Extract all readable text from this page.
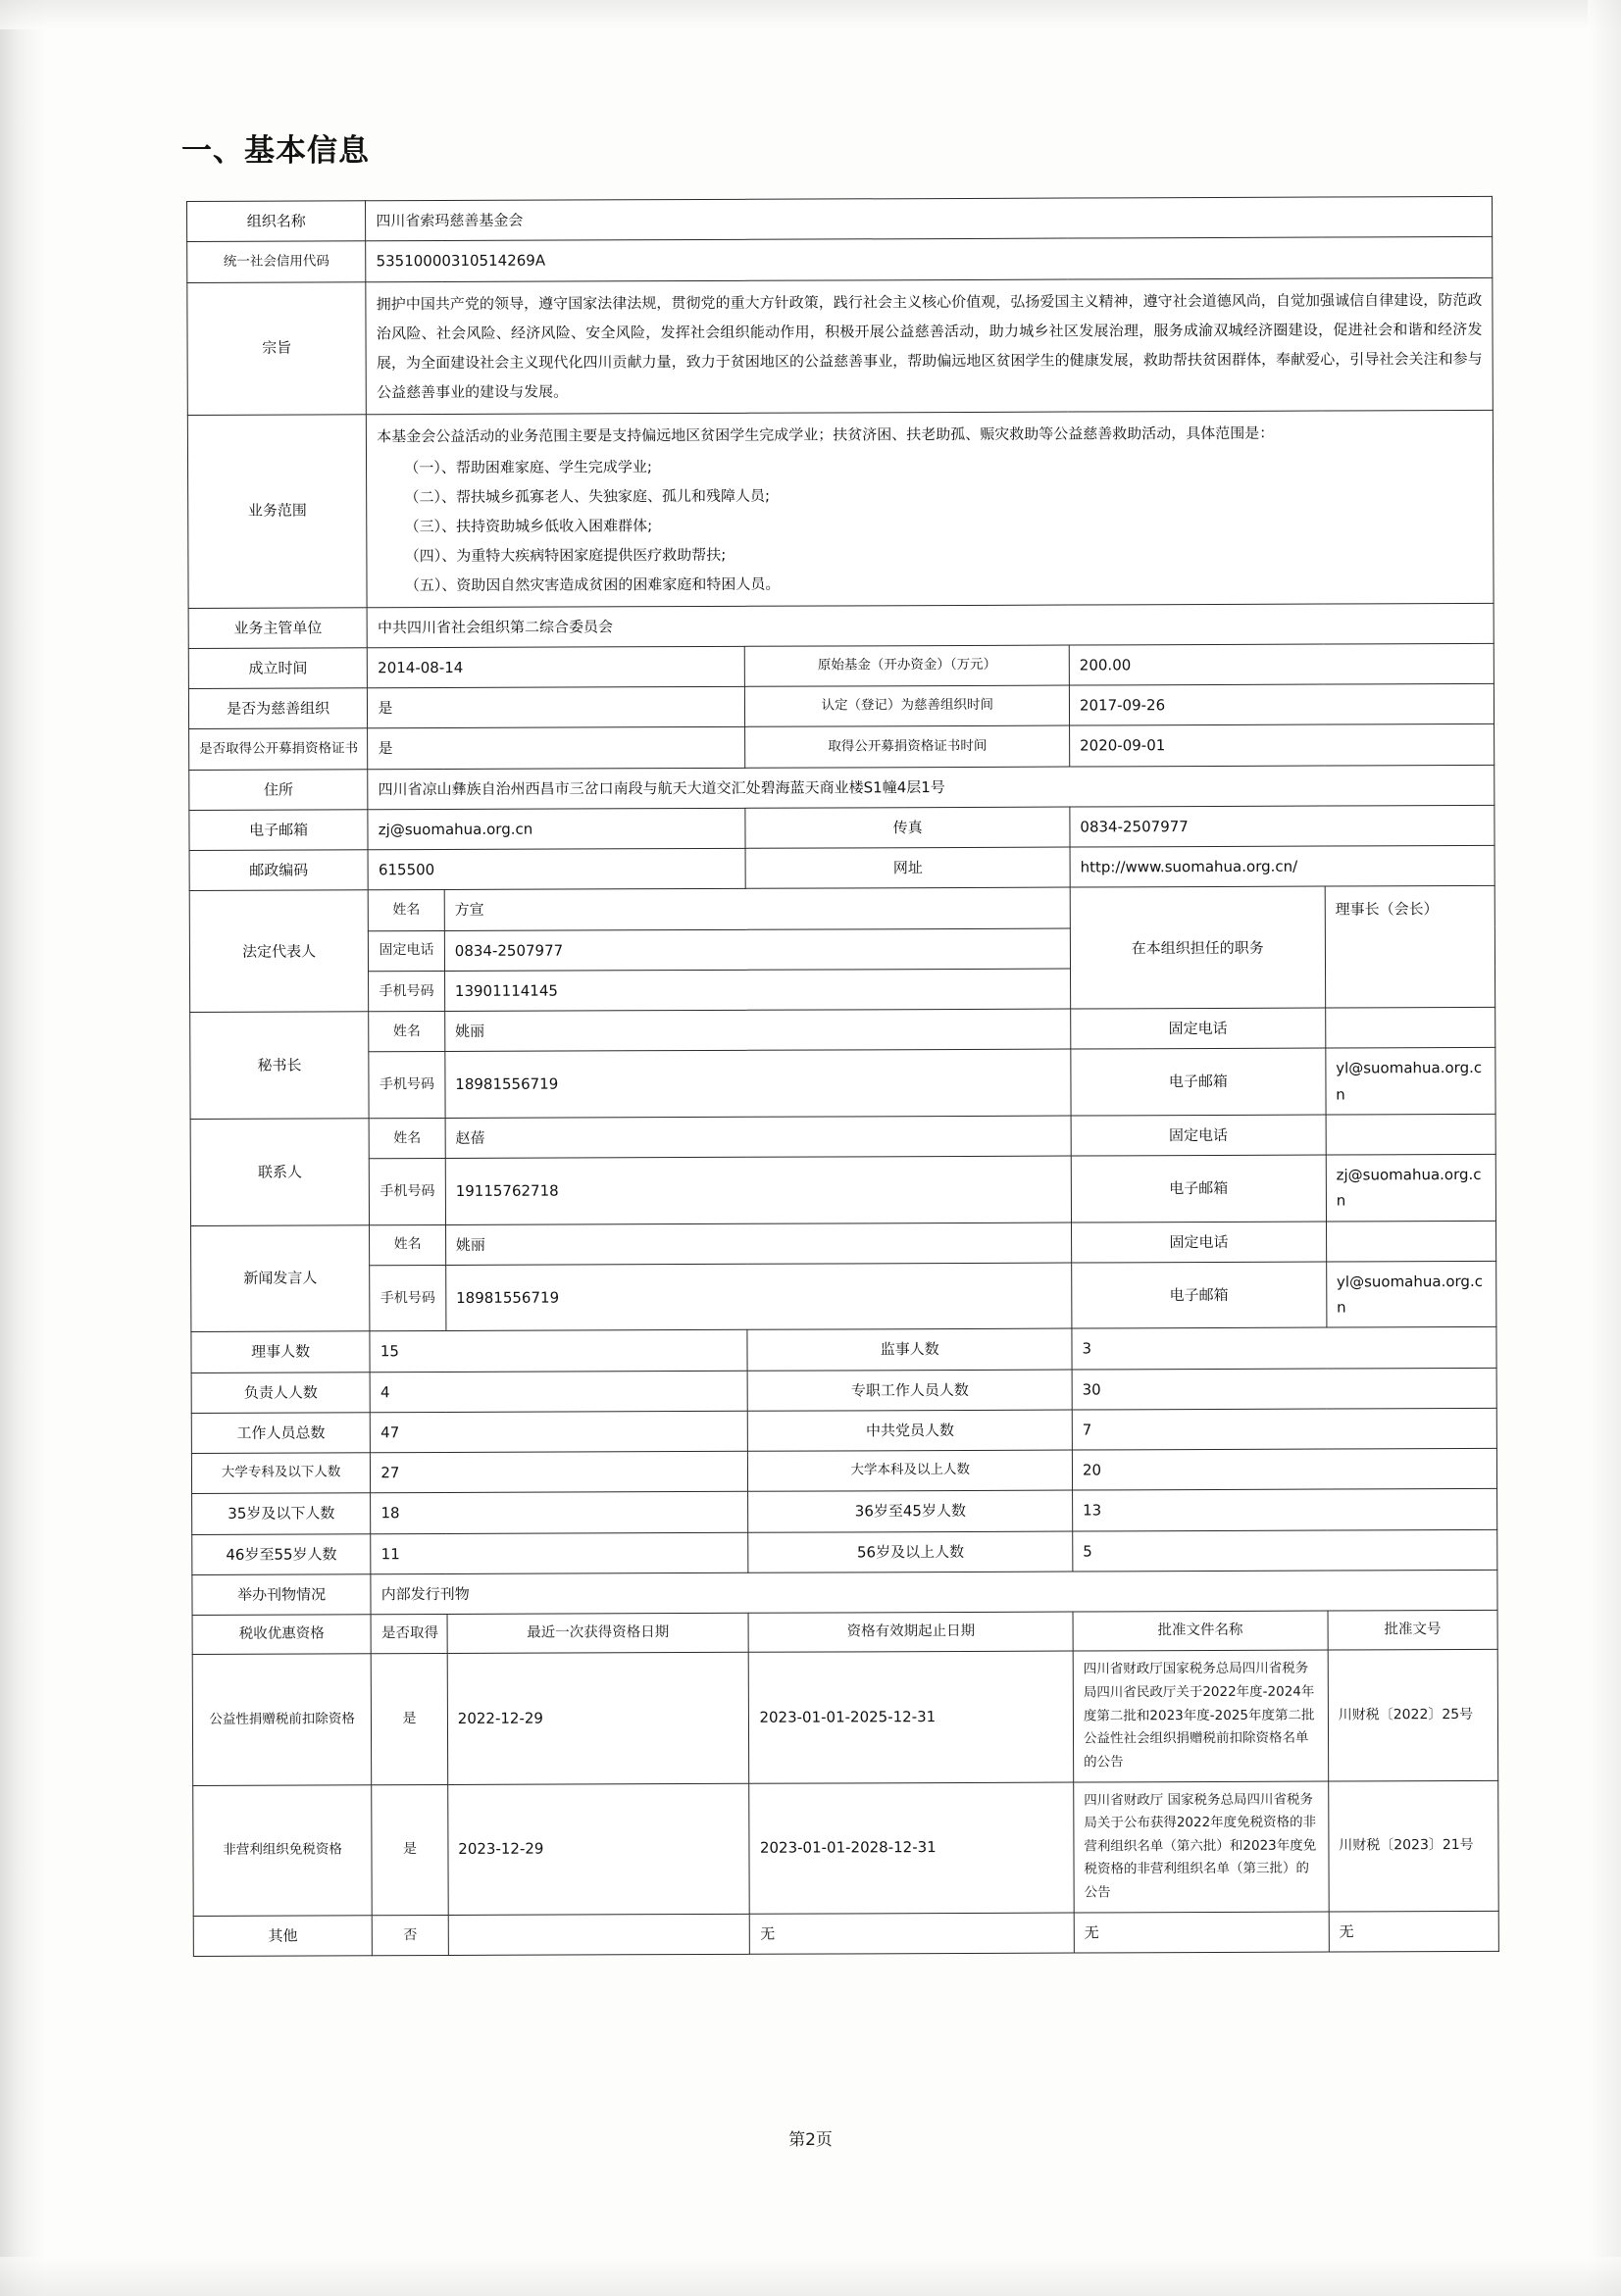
一、基本信息
组织名称	四川省索玛慈善基金会				
统一社会信用代码	53510000310514269A				
宗旨	拥护中国共产党的领导，遵守国家法律法规，贯彻党的重大方针政策，践行社会主义核心价值观，弘扬爱国主义精神，遵守社会道德风尚，自觉加强诚信自律建设，防范政治风险、社会风险、经济风险、安全风险，发挥社会组织能动作用，积极开展公益慈善活动，助力城乡社区发展治理，服务成渝双城经济圈建设，促进社会和谐和经济发展，为全面建设社会主义现代化四川贡献力量，致力于贫困地区的公益慈善事业，帮助偏远地区贫困学生的健康发展，救助帮扶贫困群体，奉献爱心，引导社会关注和参与公益慈善事业的建设与发展。				

业务范围	

本基金会公益活动的业务范围主要是支持偏远地区贫困学生完成学业；扶贫济困、扶老助孤、赈灾救助等公益慈善救助活动，具体范围是：

（一）、帮助困难家庭、学生完成学业;

（二）、帮扶城乡孤寡老人、失独家庭、孤儿和残障人员;

（三）、扶持资助城乡低收入困难群体;

（四）、为重特大疾病特困家庭提供医疗救助帮扶;

（五）、资助因自然灾害造成贫困的困难家庭和特困人员。

业务主管单位	中共四川省社会组织第二综合委员会				
成立时间	2014-08-14		原始基金（开办资金）（万元）	200.00	
是否为慈善组织	是		认定（登记）为慈善组织时间	2017-09-26	
是否取得公开募捐资格证书	是		取得公开募捐资格证书时间	2020-09-01	
住所	四川省凉山彝族自治州西昌市三岔口南段与航天大道交汇处碧海蓝天商业楼S1幢4层1号				
电子邮箱	zj@suomahua.org.cn		传真	0834-2507977	
邮政编码	615500		网址	http://www.suomahua.org.cn/	
法定代表人	姓名	方宣		在本组织担任的职务	理事长（会长）
	固定电话	0834-2507977			
	手机号码	13901114145			
秘书长	姓名	姚丽		固定电话	
	手机号码	18981556719		电子邮箱	yl@suomahua.org.cn
联系人	姓名	赵蓓		固定电话	
	手机号码	19115762718		电子邮箱	zj@suomahua.org.cn
新闻发言人	姓名	姚丽		固定电话	
	手机号码	18981556719		电子邮箱	yl@suomahua.org.cn
理事人数	15		监事人数	3	
负责人人数	4		专职工作人员人数	30	
工作人员总数	47		中共党员人数	7	
大学专科及以下人数	27		大学本科及以上人数	20	
35岁及以下人数	18		36岁至45岁人数	13	
46岁至55岁人数	11		56岁及以上人数	5	
举办刊物情况	内部发行刊物				
税收优惠资格	是否取得	最近一次获得资格日期	资格有效期起止日期	批准文件名称	批准文号
公益性捐赠税前扣除资格	是	2022-12-29	2023-01-01-2025-12-31	四川省财政厅国家税务总局四川省税务局四川省民政厅关于2022年度-2024年度第二批和2023年度-2025年度第二批公益性社会组织捐赠税前扣除资格名单的公告	川财税〔2022〕25号
非营利组织免税资格	是	2023-12-29	2023-01-01-2028-12-31	四川省财政厅 国家税务总局四川省税务局关于公布获得2022年度免税资格的非营利组织名单（第六批）和2023年度免税资格的非营利组织名单（第三批）的公告	川财税〔2023〕21号
其他	否		无	无	无
第2页
